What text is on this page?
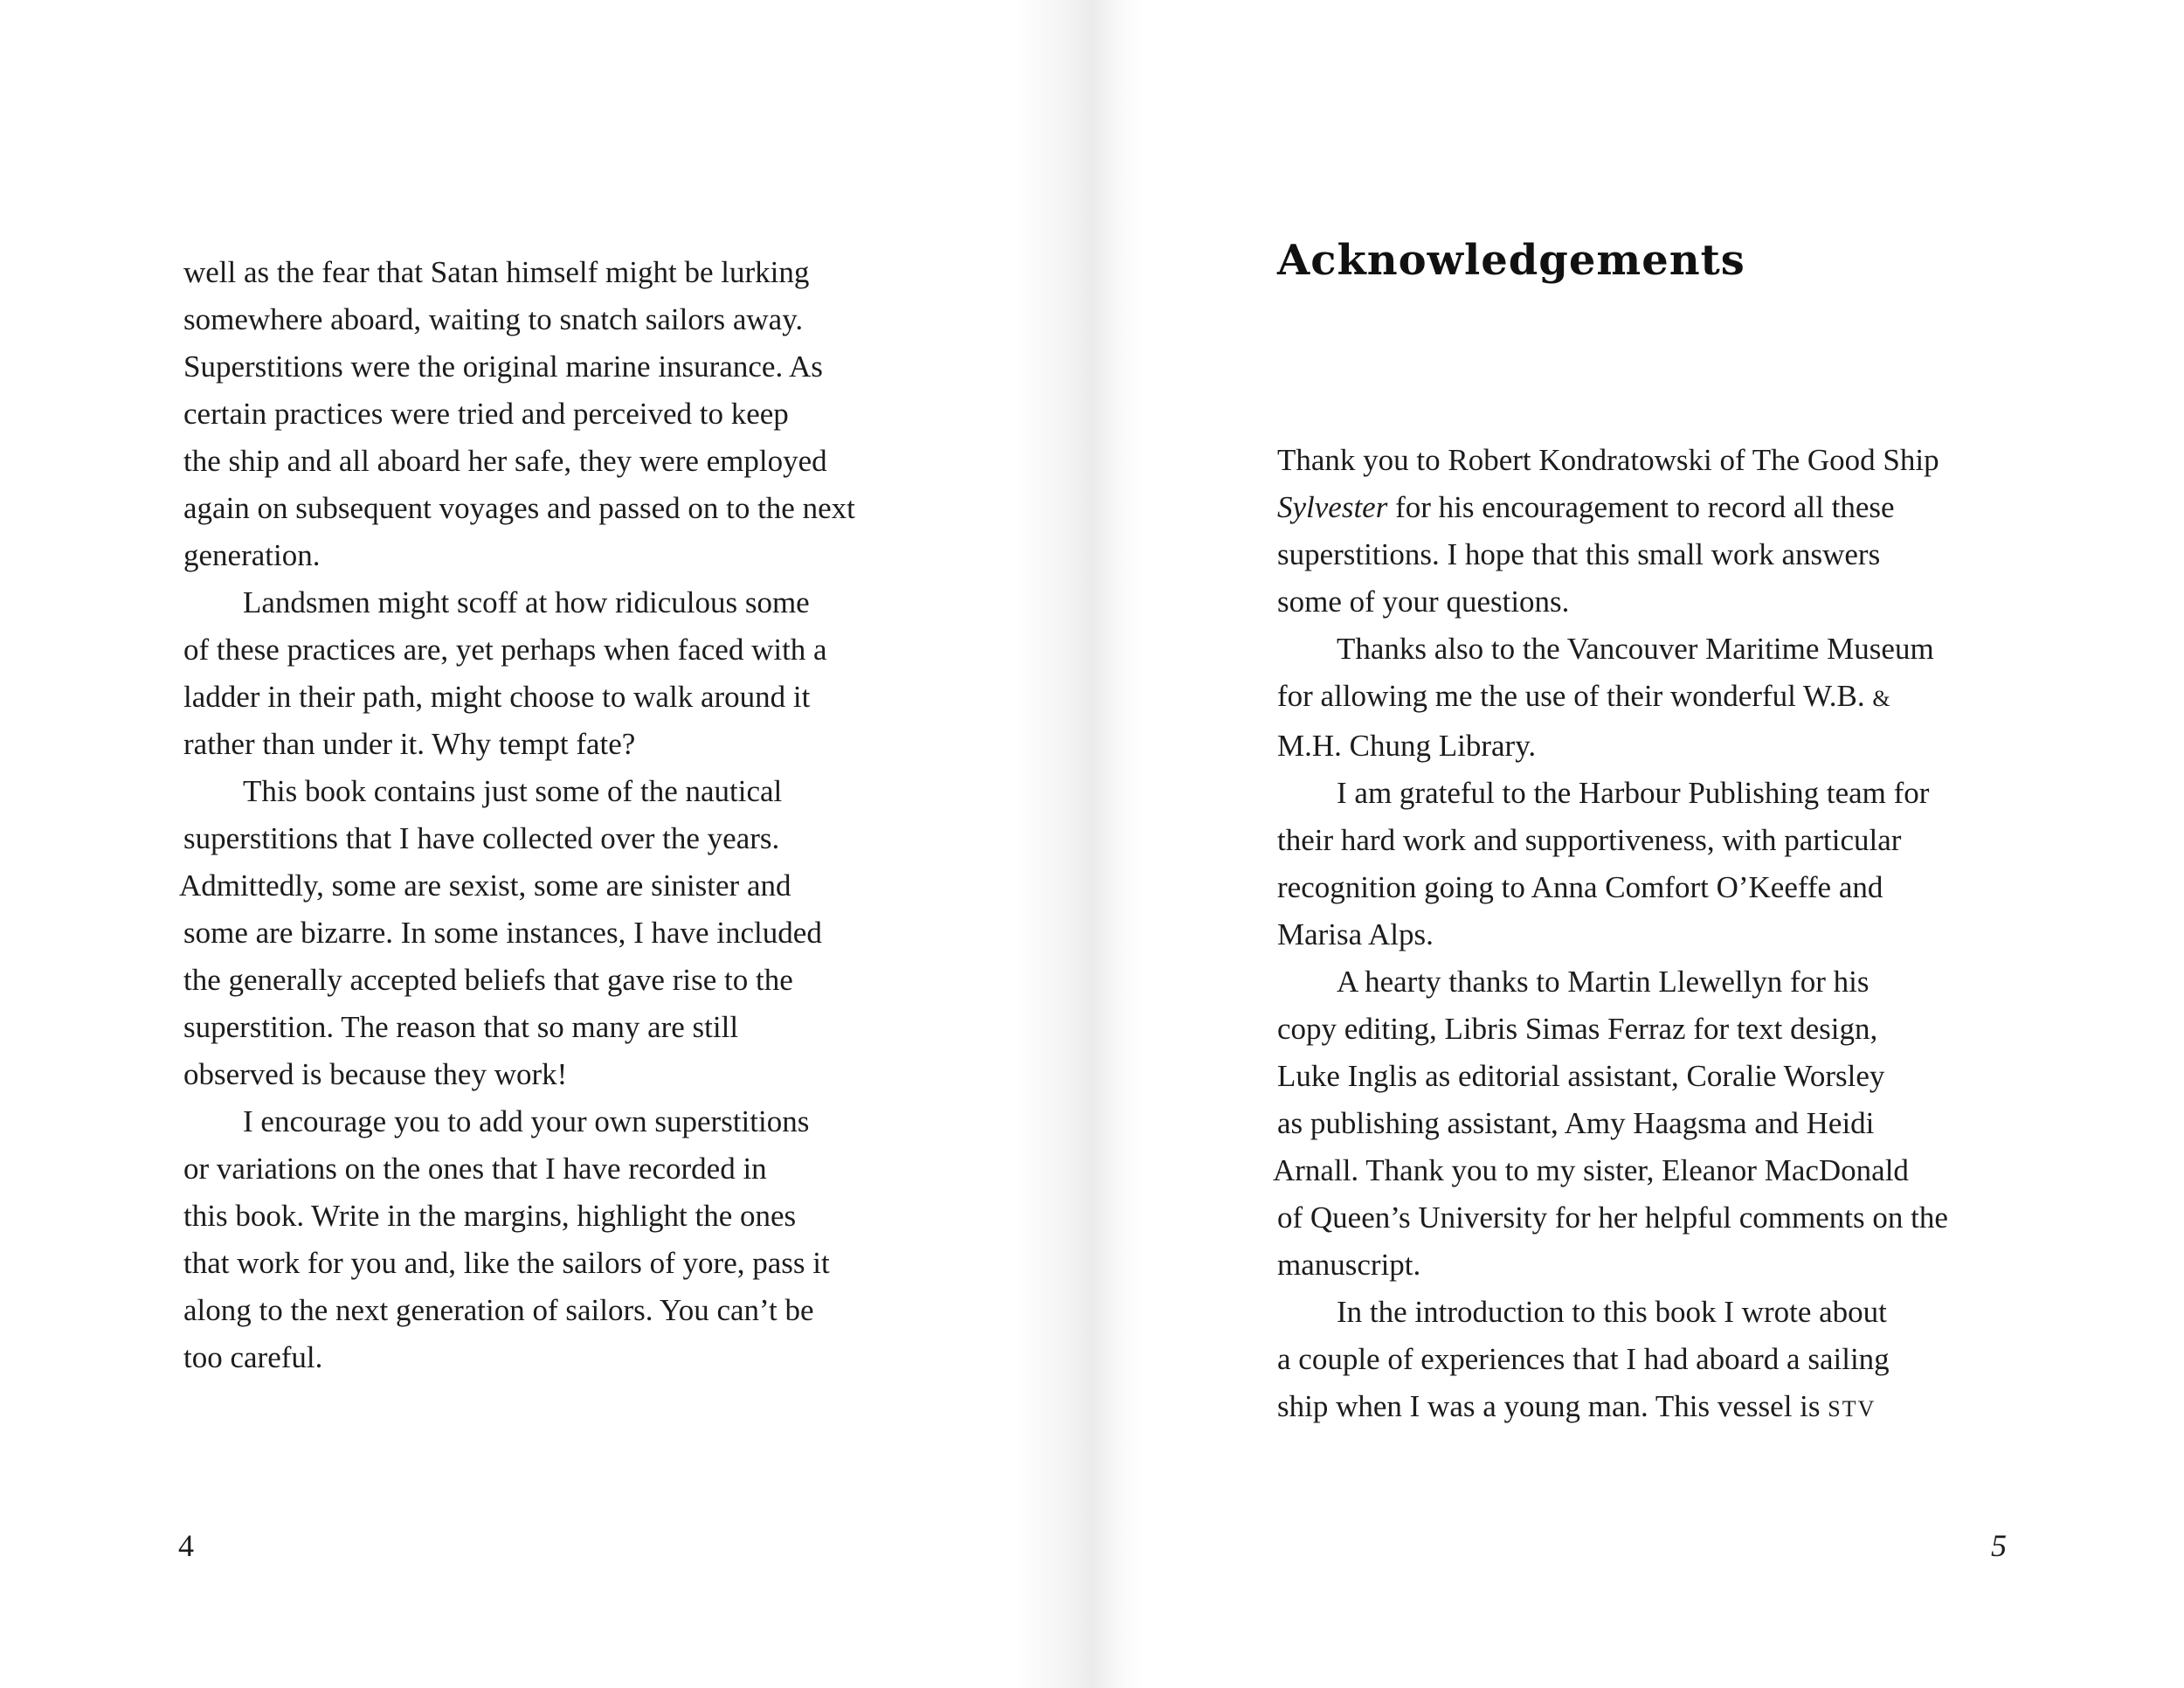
well as the fear that Satan himself might be lurking
somewhere aboard, waiting to snatch sailors away.
Superstitions were the original marine insurance. As
certain practices were tried and perceived to keep
the ship and all aboard her safe, they were employed
again on subsequent voyages and passed on to the next
generation.
Landsmen might scoff at how ridiculous some
of these practices are, yet perhaps when faced with a
ladder in their path, might choose to walk around it
rather than under it. Why tempt fate?
This book contains just some of the nautical
superstitions that I have collected over the years.
Admittedly, some are sexist, some are sinister and
some are bizarre. In some instances, I have included
the generally accepted beliefs that gave rise to the
superstition. The reason that so many are still
observed is because they work!
I encourage you to add your own superstitions
or variations on the ones that I have recorded in
this book. Write in the margins, highlight the ones
that work for you and, like the sailors of yore, pass it
along to the next generation of sailors. You can’t be
too careful.
4
Acknowledgements
Thank you to Robert Kondratowski of The Good Ship
Sylvester for his encouragement to record all these
superstitions. I hope that this small work answers
some of your questions.
Thanks also to the Vancouver Maritime Museum
for allowing me the use of their wonderful W.B. &
M.H. Chung Library.
I am grateful to the Harbour Publishing team for
their hard work and supportiveness, with particular
recognition going to Anna Comfort O’Keeffe and
Marisa Alps.
A hearty thanks to Martin Llewellyn for his
copy editing, Libris Simas Ferraz for text design,
Luke Inglis as editorial assistant, Coralie Worsley
as publishing assistant, Amy Haagsma and Heidi
Arnall. Thank you to my sister, Eleanor MacDonald
of Queen’s University for her helpful comments on the
manuscript.
In the introduction to this book I wrote about
a couple of experiences that I had aboard a sailing
ship when I was a young man. This vessel is STV
5
